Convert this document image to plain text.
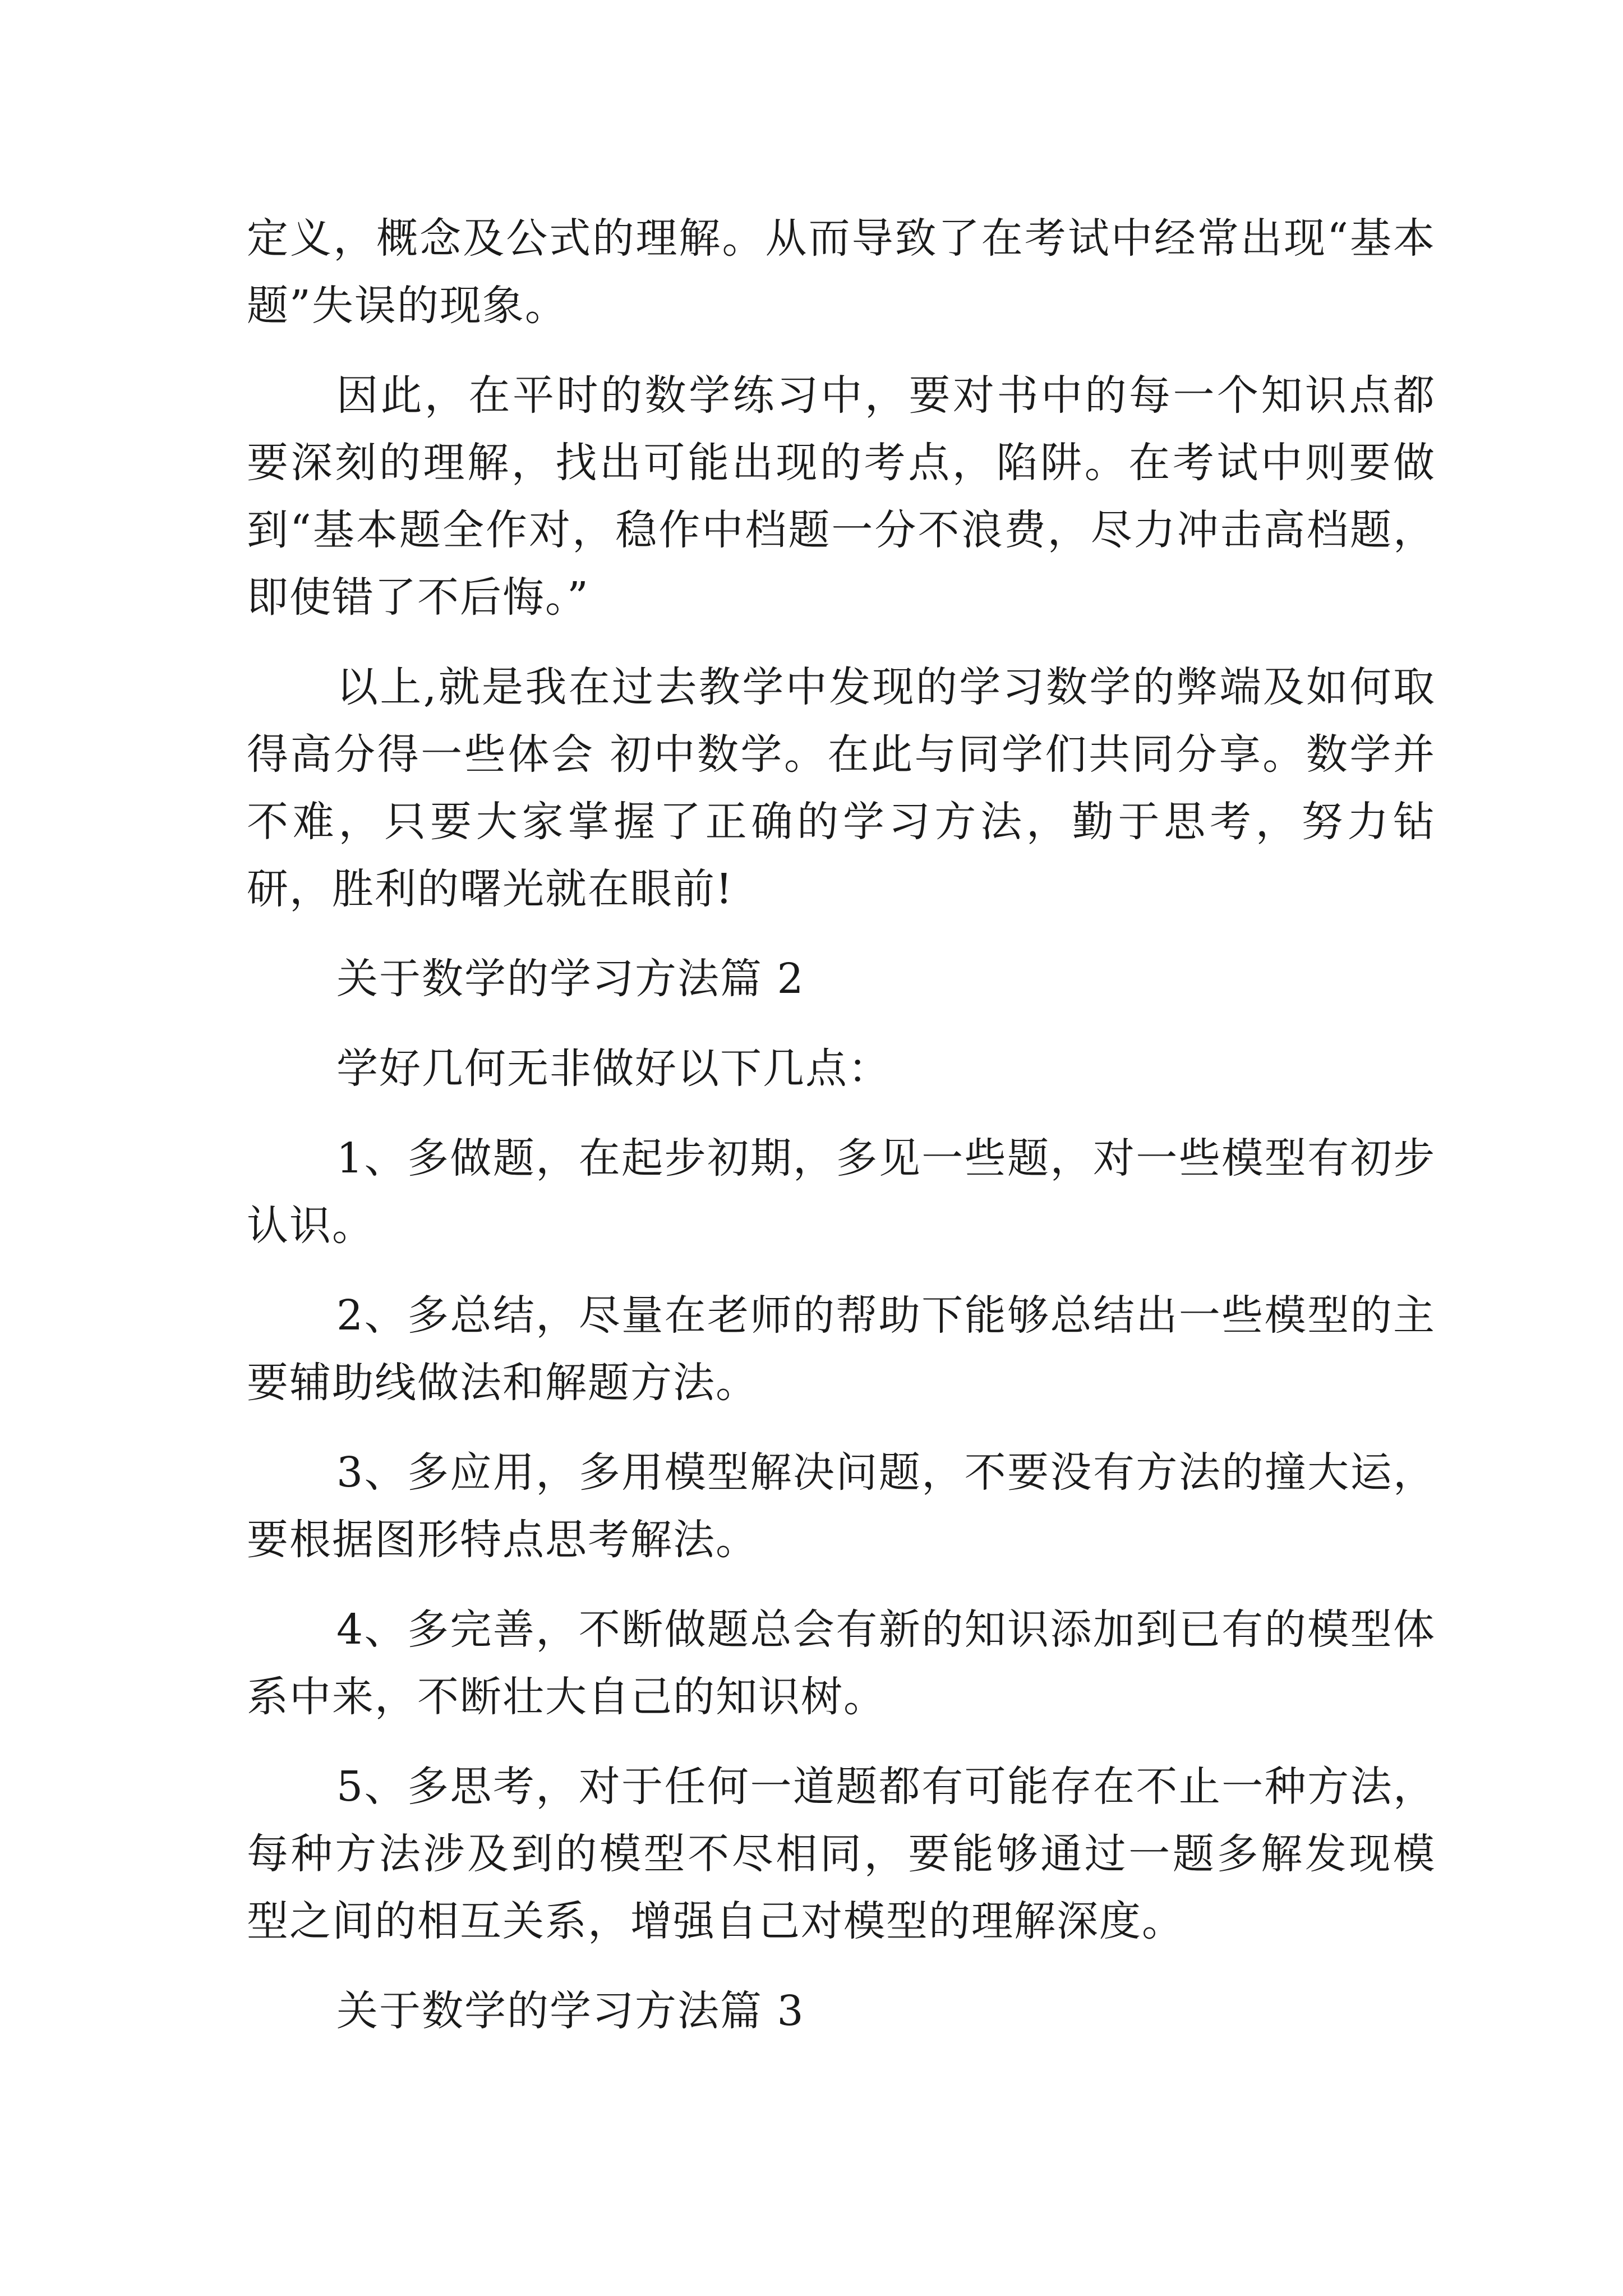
定义，概念及公式的理解。从而导致了在考试中经常出现“基本题”失误的现象。

因此，在平时的数学练习中，要对书中的每一个知识点都要深刻的理解，找出可能出现的考点，陷阱。在考试中则要做到“基本题全作对，稳作中档题一分不浪费，尽力冲击高档题，即使错了不后悔。”

以上,就是我在过去教学中发现的学习数学的弊端及如何取得高分得一些体会 初中数学。在此与同学们共同分享。数学并不难，只要大家掌握了正确的学习方法，勤于思考，努力钻研，胜利的曙光就在眼前!

关于数学的学习方法篇 2

学好几何无非做好以下几点：

1、多做题，在起步初期，多见一些题，对一些模型有初步认识。

2、多总结，尽量在老师的帮助下能够总结出一些模型的主要辅助线做法和解题方法。

3、多应用，多用模型解决问题，不要没有方法的撞大运，要根据图形特点思考解法。

4、多完善，不断做题总会有新的知识添加到已有的模型体系中来，不断壮大自己的知识树。

5、多思考，对于任何一道题都有可能存在不止一种方法，每种方法涉及到的模型不尽相同，要能够通过一题多解发现模型之间的相互关系，增强自己对模型的理解深度。

关于数学的学习方法篇 3
